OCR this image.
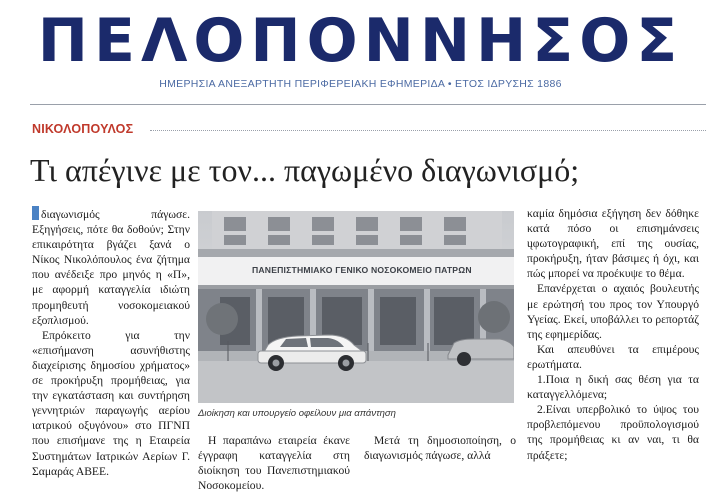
ΠΕΛΟΠΟΝΝΗΣΟΣ
ΗΜΕΡΗΣΙΑ ΑΝΕΞΑΡΤΗΤΗ ΠΕΡΙΦΕΡΕΙΑΚΗ ΕΦΗΜΕΡΙΔΑ • ΕΤΟΣ ΙΔΡΥΣΗΣ 1886
ΝΙΚΟΛΟΠΟΥΛΟΣ
Τι απέγινε με τον... παγωμένο διαγωνισμό;

διαγωνισμός πάγωσε. Εξηγήσεις, πότε θα δοθούν; Στην επικαιρότητα βγάζει ξανά ο Νίκος Νικολόπουλος ένα ζήτημα που ανέδειξε προ μηνός η «Π», με αφορμή καταγγελία ιδιώτη προμηθευτή νοσοκομειακού εξοπλισμού.

Επρόκειτο για την «επισήμανση ασυνήθιστης διαχείρισης δημοσίου χρήματος» σε προκήρυξη προμήθειας, για την εγκατάσταση και συντήρηση γεννητριών παραγωγής αερίου ιατρικού οξυγόνου» στο ΠΓΝΠ που επισήμανε της η Εταιρεία Συστημάτων Ιατρικών Αερίων Γ. Σαμαράς ΑΒΕΕ.

ΠΑΝΕΠΙΣΤΗΜΙΑΚΟ ΓΕΝΙΚΟ ΝΟΣΟΚΟΜΕΙΟ ΠΑΤΡΩΝ
Διοίκηση και υπουργείο οφείλουν μια απάντηση

Η παραπάνω εταιρεία έκανε έγγραφη καταγγελία στη διοίκηση του Πανεπιστημιακού Νοσοκομείου.

Μετά τη δημοσιοποίηση, ο διαγωνισμός πάγωσε, αλλά

καμία δημόσια εξήγηση δεν δόθηκε κατά πόσο οι επισημάνσεις ųφωτογραφική, επί της ουσίας, προκήρυξη, ήταν βάσιμες ή όχι, και πώς μπορεί να προέκυψε το θέμα.

Επανέρχεται ο αχαιός βουλευτής με ερώτησή του προς τον Υπουργό Υγείας. Εκεί, υποβάλλει το ρεπορτάζ της εφημερίδας.

Και απευθύνει τα επιμέρους ερωτήματα.

1.Ποια η δική σας θέση για τα καταγγελλόμενα;

2.Είναι υπερβολικό το ύψος του προβλεπόμενου προϋπολογισμού της προμήθειας κι αν ναι, τι θα πράξετε;
